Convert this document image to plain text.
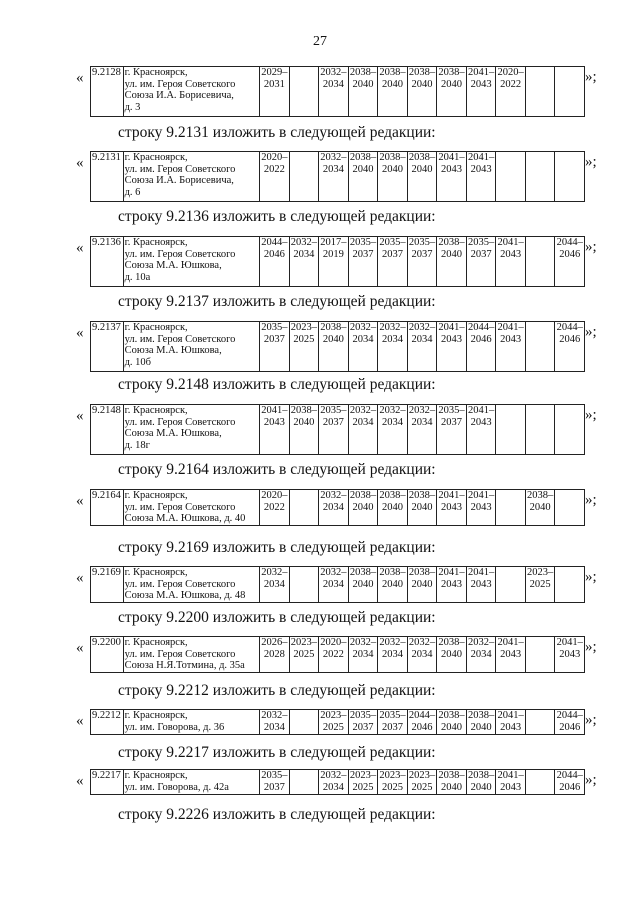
27
« 9.2128	г. Красноярск,
ул. им. Героя Советского
Союза И.А. Борисевича,
д. 3	2029–
2031		2032–
2034	2038–
2040	2038–
2040	2038–
2040	2038–
2040	2041–
2043	2020–
2022			»;
строку 9.2131 изложить в следующей редакции:
« 9.2131	г. Красноярск,
ул. им. Героя Советского
Союза И.А. Борисевича,
д. 6	2020–
2022		2032–
2034	2038–
2040	2038–
2040	2038–
2040	2041–
2043	2041–
2043				»;
строку 9.2136 изложить в следующей редакции:
« 9.2136	г. Красноярск,
ул. им. Героя Советского
Союза М.А. Юшкова,
д. 10а	2044–
2046	2032–
2034	2017–
2019	2035–
2037	2035–
2037	2035–
2037	2038–
2040	2035–
2037	2041–
2043		2044–
2046 »;
строку 9.2137 изложить в следующей редакции:
« 9.2137	г. Красноярск,
ул. им. Героя Советского
Союза М.А. Юшкова,
д. 10б	2035–
2037	2023–
2025	2038–
2040	2032–
2034	2032–
2034	2032–
2034	2041–
2043	2044–
2046	2041–
2043		2044–
2046 »;
строку 9.2148 изложить в следующей редакции:
« 9.2148	г. Красноярск,
ул. им. Героя Советского
Союза М.А. Юшкова,
д. 18г	2041–
2043	2038–
2040	2035–
2037	2032–
2034	2032–
2034	2032–
2034	2035–
2037	2041–
2043				»;
строку 9.2164 изложить в следующей редакции:
« 9.2164	г. Красноярск,
ул. им. Героя Советского
Союза М.А. Юшкова, д. 40	2020–
2022		2032–
2034	2038–
2040	2038–
2040	2038–
2040	2041–
2043	2041–
2043		2038–
2040	»;
строку 9.2169 изложить в следующей редакции:
« 9.2169	г. Красноярск,
ул. им. Героя Советского
Союза М.А. Юшкова, д. 48	2032–
2034		2032–
2034	2038–
2040	2038–
2040	2038–
2040	2041–
2043	2041–
2043		2023–
2025	»;
строку 9.2200 изложить в следующей редакции:
« 9.2200	г. Красноярск,
ул. им. Героя Советского
Союза Н.Я.Тотмина, д. 35а	2026–
2028	2023–
2025	2020–
2022	2032–
2034	2032–
2034	2032–
2034	2038–
2040	2032–
2034	2041–
2043		2041–
2043 »;
строку 9.2212 изложить в следующей редакции:
« 9.2212	г. Красноярск,
ул. им. Говорова, д. 36	2032–
2034		2023–
2025	2035–
2037	2035–
2037	2044–
2046	2038–
2040	2038–
2040	2041–
2043		2044–
2046 »;
строку 9.2217 изложить в следующей редакции:
« 9.2217	г. Красноярск,
ул. им. Говорова, д. 42а	2035–
2037		2032–
2034	2023–
2025	2023–
2025	2023–
2025	2038–
2040	2038–
2040	2041–
2043		2044–
2046 »;
строку 9.2226 изложить в следующей редакции:
